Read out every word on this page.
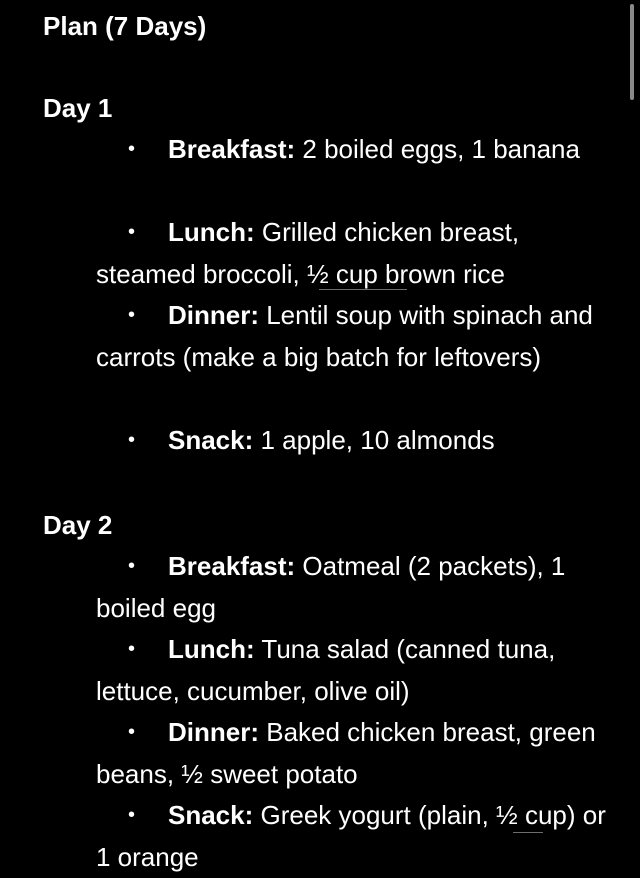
Plan (7 Days)
Day 1

• Breakfast: 2 boiled eggs, 1 banana

• Lunch: Grilled chicken breast, steamed broccoli, ½ cup brown rice

• Dinner: Lentil soup with spinach and carrots (make a big batch for leftovers)

• Snack: 1 apple, 10 almonds

Day 2

• Breakfast: Oatmeal (2 packets), 1 boiled egg

• Lunch: Tuna salad (canned tuna, lettuce, cucumber, olive oil)

• Dinner: Baked chicken breast, green beans, ½ sweet potato

• Snack: Greek yogurt (plain, ½ cup) or 1 orange
